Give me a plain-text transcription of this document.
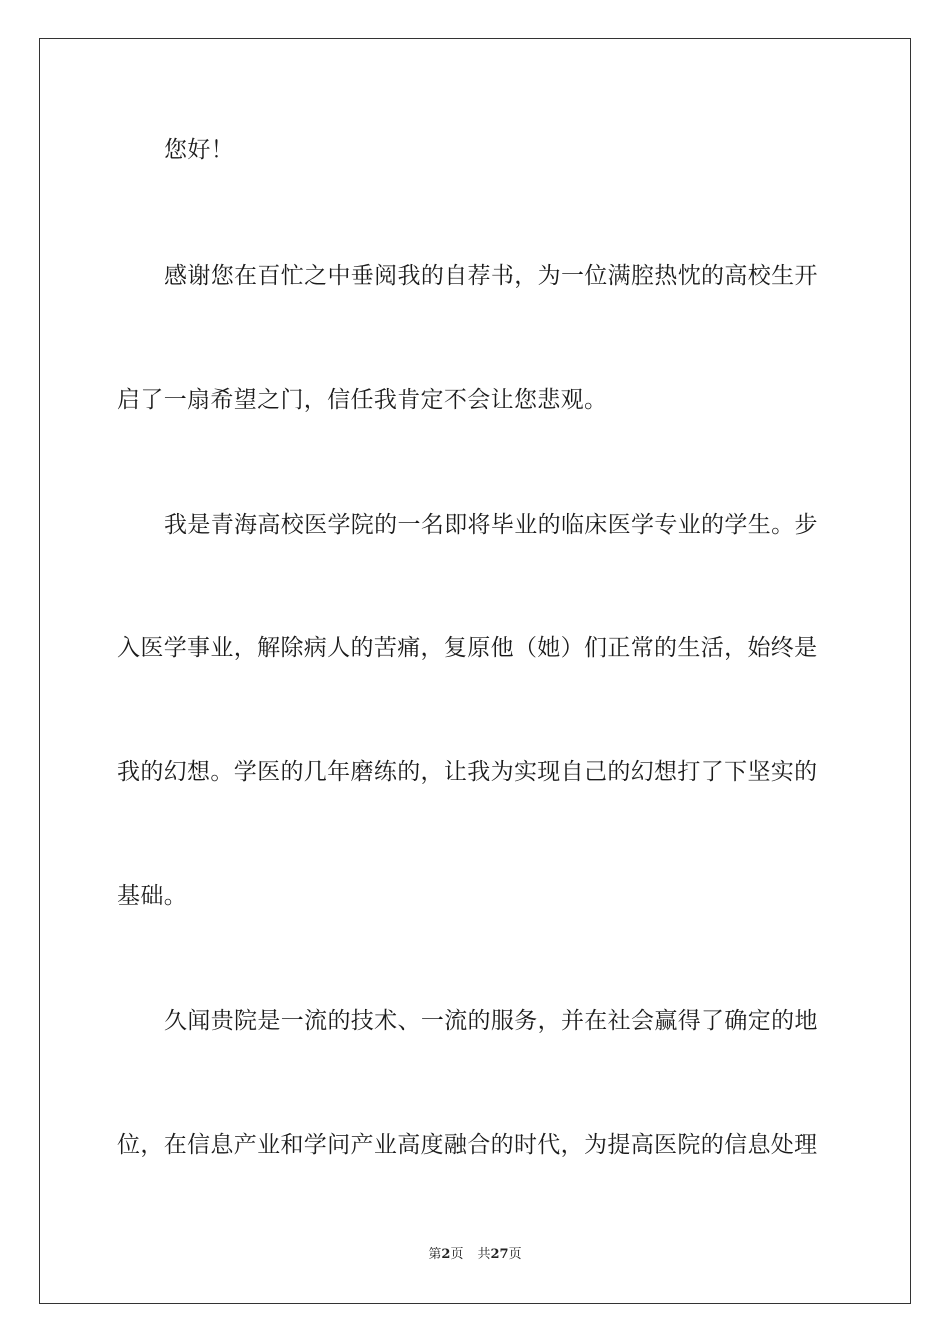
您好！
感谢您在百忙之中垂阅我的自荐书，为一位满腔热忱的高校生开
启了一扇希望之门，信任我肯定不会让您悲观。
我是青海高校医学院的一名即将毕业的临床医学专业的学生。步
入医学事业，解除病人的苦痛，复原他（她）们正常的生活，始终是
我的幻想。学医的几年磨练的，让我为实现自己的幻想打了下坚实的
基础。
久闻贵院是一流的技术、一流的服务，并在社会赢得了确定的地
位，在信息产业和学问产业高度融合的时代，为提高医院的信息处理
第2页 共27页
